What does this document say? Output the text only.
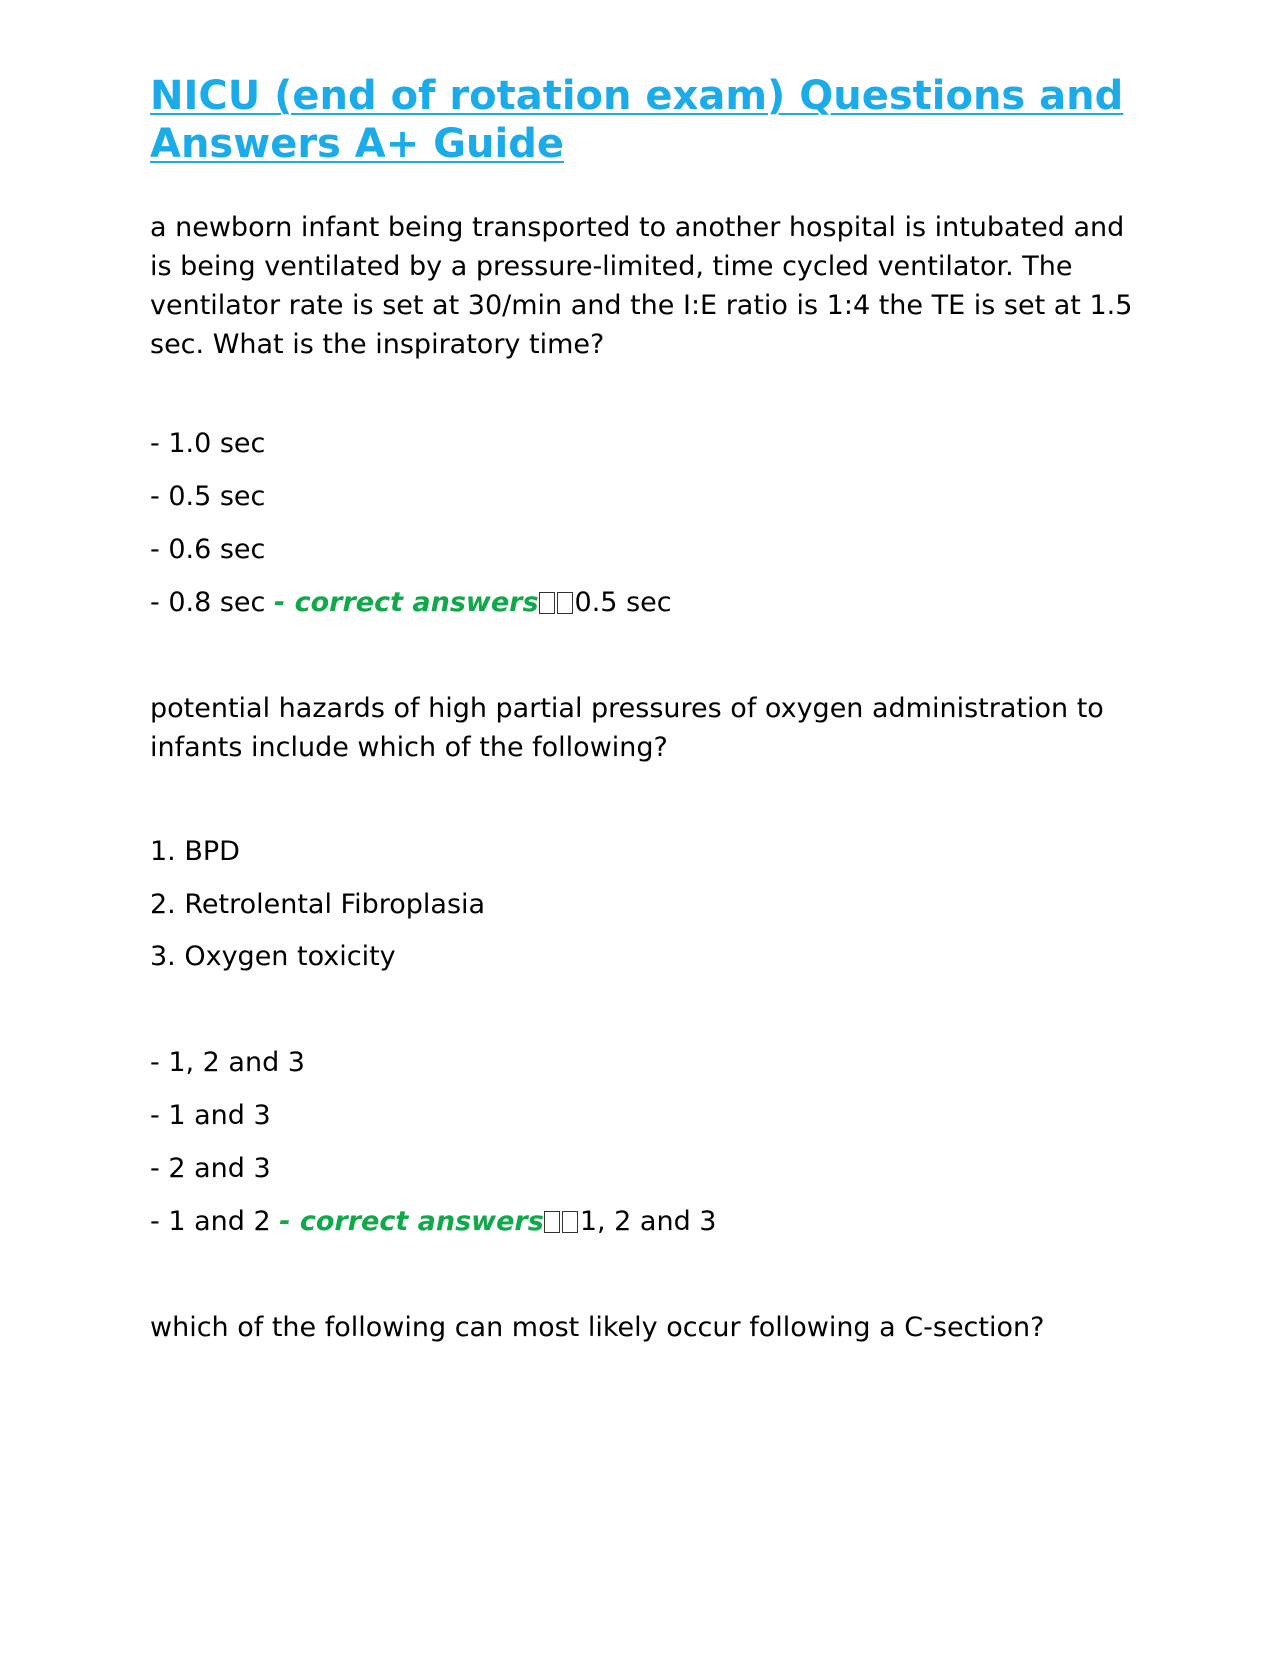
NICU (end of rotation exam) Questions and Answers A+ Guide

a newborn infant being transported to another hospital is intubated and is being ventilated by a pressure-limited, time cycled ventilator. The ventilator rate is set at 30/min and the I:E ratio is 1:4 the TE is set at 1.5 sec. What is the inspiratory time?

- 1.0 sec

- 0.5 sec

- 0.6 sec

- 0.8 sec - correct answers 0.5 sec

potential hazards of high partial pressures of oxygen administration to infants include which of the following?

1. BPD

2. Retrolental Fibroplasia

3. Oxygen toxicity

- 1, 2 and 3

- 1 and 3

- 2 and 3

- 1 and 2 - correct answers 1, 2 and 3

which of the following can most likely occur following a C-section?
